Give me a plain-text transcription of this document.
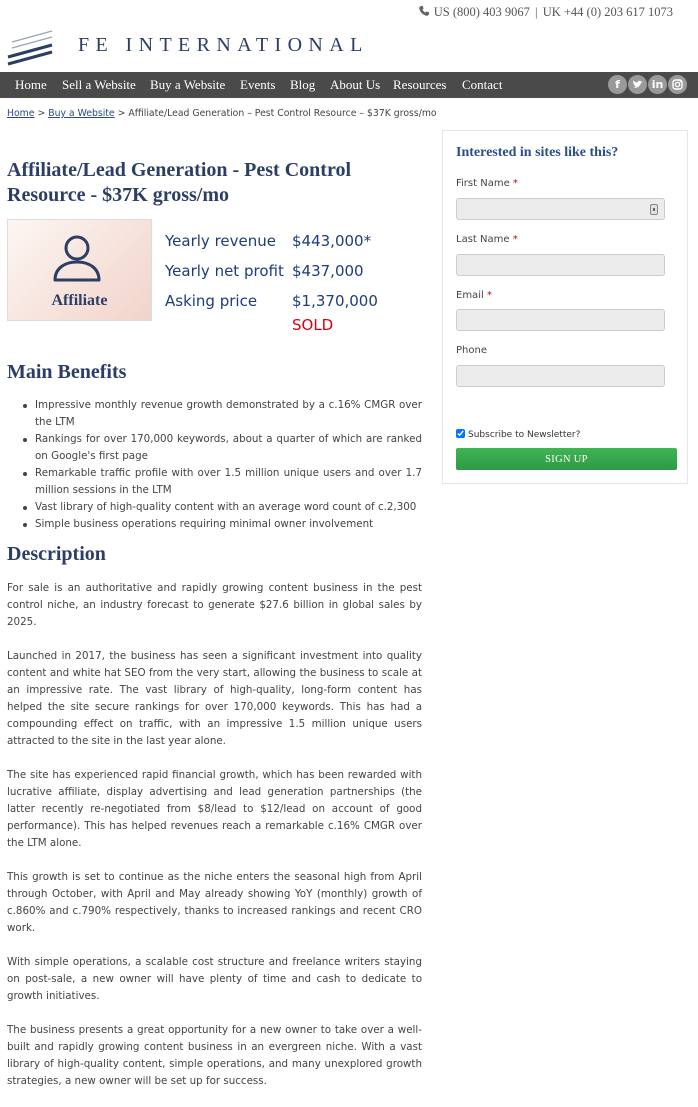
US (800) 403 9067 | UK +44 (0) 203 617 1073
FE INTERNATIONAL
Home Sell a Website Buy a Website Events Blog About Us Resources Contact	f	in
Home > Buy a Website > Affiliate/Lead Generation – Pest Control Resource – $37K gross/mo
Affiliate/Lead Generation - Pest Control Resource - $37K gross/mo
Affiliate
Yearly revenue $443,000*
Yearly net profit $437,000
Asking price $1,370,000
SOLD
Main Benefits
Impressive monthly revenue growth demonstrated by a c.16% CMGR over the LTM
Rankings for over 170,000 keywords, about a quarter of which are ranked on Google's first page
Remarkable traffic profile with over 1.5 million unique users and over 1.7 million sessions in the LTM
Vast library of high-quality content with an average word count of c.2,300
Simple business operations requiring minimal owner involvement
Description

For sale is an authoritative and rapidly growing content business in the pest control niche, an industry forecast to generate $27.6 billion in global sales by 2025.

Launched in 2017, the business has seen a significant investment into quality content and white hat SEO from the very start, allowing the business to scale at an impressive rate. The vast library of high-quality, long-form content has helped the site secure rankings for over 170,000 keywords. This has had a compounding effect on traffic, with an impressive 1.5 million unique users attracted to the site in the last year alone.

The site has experienced rapid financial growth, which has been rewarded with lucrative affiliate, display advertising and lead generation partnerships (the latter recently re-negotiated from $8/lead to $12/lead on account of good performance). This has helped revenues reach a remarkable c.16% CMGR over the LTM alone.

This growth is set to continue as the niche enters the seasonal high from April through October, with April and May already showing YoY (monthly) growth of c.860% and c.790% respectively, thanks to increased rankings and recent CRO work.

With simple operations, a scalable cost structure and freelance writers staying on post-sale, a new owner will have plenty of time and cash to dedicate to growth initiatives.

The business presents a great opportunity for a new owner to take over a well-built and rapidly growing content business in an evergreen niche. With a vast library of high-quality content, simple operations, and many unexplored growth strategies, a new owner will be set up for success.

Interested in sites like this?
First Name *
Last Name *
Email *
Phone
Subscribe to Newsletter?
SIGN UP
